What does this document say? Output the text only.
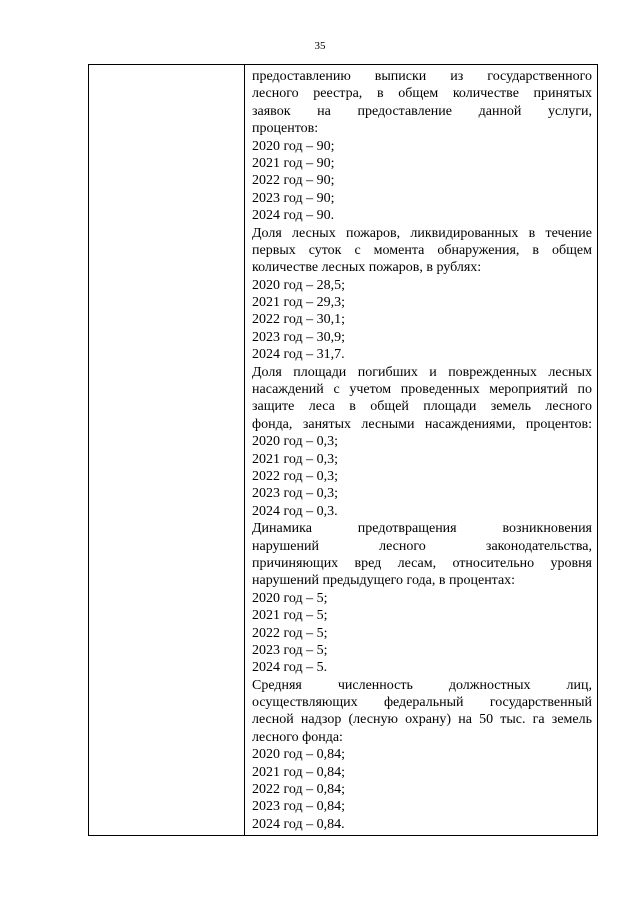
35
предоставлению выписки из государственного
лесного реестра, в общем количестве принятых
заявок на предоставление данной услуги,
процентов:
2020 год – 90;
2021 год – 90;
2022 год – 90;
2023 год – 90;
2024 год – 90.
Доля лесных пожаров, ликвидированных в течение
первых суток с момента обнаружения, в общем
количестве лесных пожаров, в рублях:
2020 год – 28,5;
2021 год – 29,3;
2022 год – 30,1;
2023 год – 30,9;
2024 год – 31,7.
Доля площади погибших и поврежденных лесных
насаждений с учетом проведенных мероприятий по
защите леса в общей площади земель лесного
фонда, занятых лесными насаждениями, процентов:
2020 год – 0,3;
2021 год – 0,3;
2022 год – 0,3;
2023 год – 0,3;
2024 год – 0,3.
Динамика предотвращения возникновения
нарушений лесного законодательства,
причиняющих вред лесам, относительно уровня
нарушений предыдущего года, в процентах:
2020 год – 5;
2021 год – 5;
2022 год – 5;
2023 год – 5;
2024 год – 5.
Средняя численность должностных лиц,
осуществляющих федеральный государственный
лесной надзор (лесную охрану) на 50 тыс. га земель
лесного фонда:
2020 год – 0,84;
2021 год – 0,84;
2022 год – 0,84;
2023 год – 0,84;
2024 год – 0,84.
